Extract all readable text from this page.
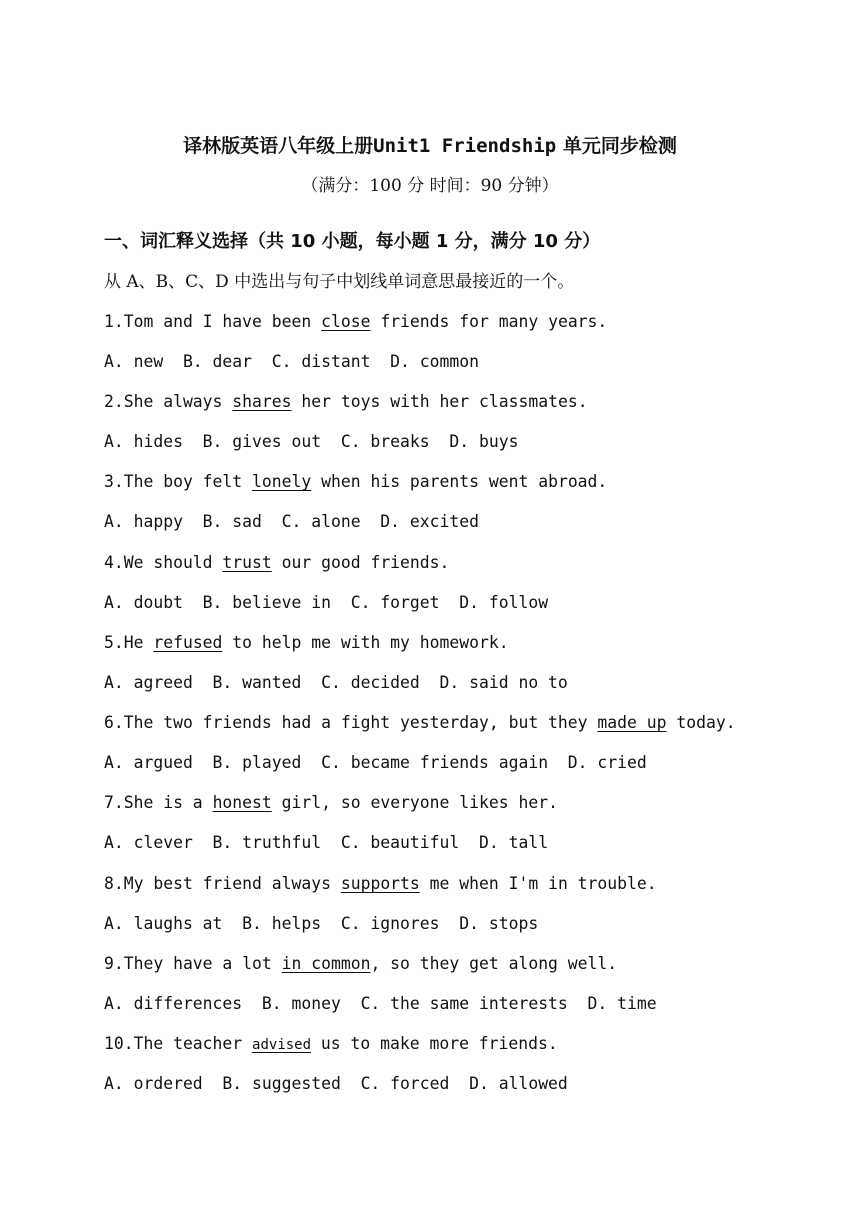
译林版英语八年级上册Unit1 Friendship 单元同步检测
（满分：100 分 时间：90 分钟）
一、词汇释义选择（共 10 小题，每小题 1 分，满分 10 分）
从 A、B、C、D 中选出与句子中划线单词意思最接近的一个。
1.Tom and I have been close friends for many years.
A. new  B. dear  C. distant  D. common
2.She always shares her toys with her classmates.
A. hides  B. gives out  C. breaks  D. buys
3.The boy felt lonely when his parents went abroad.
A. happy  B. sad  C. alone  D. excited
4.We should trust our good friends.
A. doubt  B. believe in  C. forget  D. follow
5.He refused to help me with my homework.
A. agreed  B. wanted  C. decided  D. said no to
6.The two friends had a fight yesterday, but they made up today.
A. argued  B. played  C. became friends again  D. cried
7.She is a honest girl, so everyone likes her.
A. clever  B. truthful  C. beautiful  D. tall
8.My best friend always supports me when I'm in trouble.
A. laughs at  B. helps  C. ignores  D. stops
9.They have a lot in common, so they get along well.
A. differences  B. money  C. the same interests  D. time
10.The teacher advised us to make more friends.
A. ordered  B. suggested  C. forced  D. allowed
